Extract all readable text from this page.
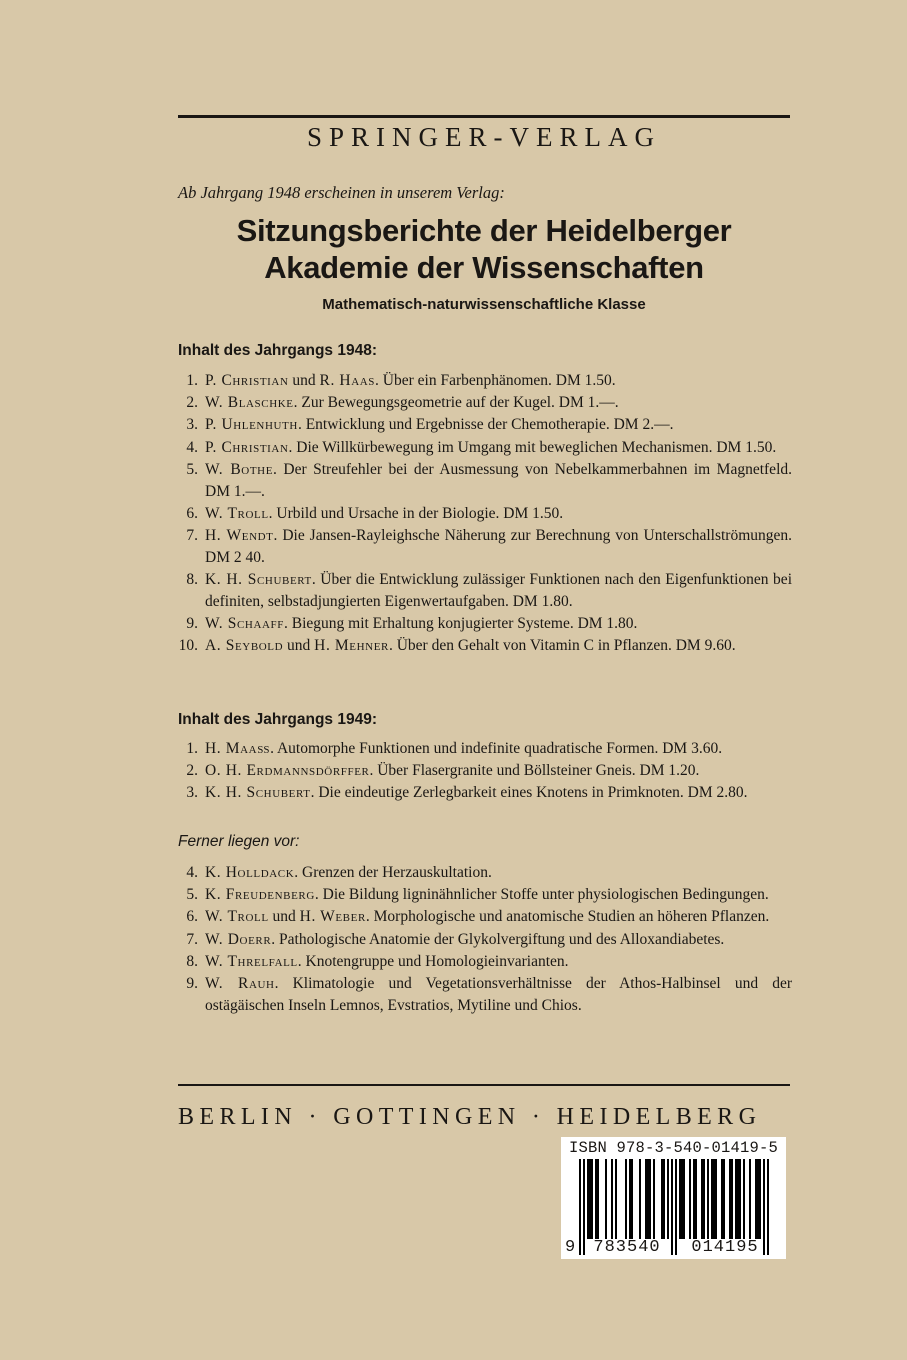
SPRINGER-VERLAG
Ab Jahrgang 1948 erscheinen in unserem Verlag:
Sitzungsberichte der Heidelberger
Akademie der Wissenschaften
Mathematisch-naturwissenschaftliche Klasse
Inhalt des Jahrgangs 1948:
1. P. Christian und R. Haas. Über ein Farbenphänomen. DM 1.50.
2. W. Blaschke. Zur Bewegungsgeometrie auf der Kugel. DM 1.—.
3. P. Uhlenhuth. Entwicklung und Ergebnisse der Chemotherapie. DM 2.—.
4. P. Christian. Die Willkürbewegung im Umgang mit beweglichen Mechanismen. DM 1.50.
5. W. Bothe. Der Streufehler bei der Ausmessung von Nebelkammerbahnen im Magnetfeld. DM 1.—.
6. W. Troll. Urbild und Ursache in der Biologie. DM 1.50.
7. H. Wendt. Die Jansen-Rayleighsche Näherung zur Berechnung von Unterschallströmungen. DM 2 40.
8. K. H. Schubert. Über die Entwicklung zulässiger Funktionen nach den Eigenfunktionen bei definiten, selbstadjungierten Eigenwertaufgaben. DM 1.80.
9. W. Schaaff. Biegung mit Erhaltung konjugierter Systeme. DM 1.80.
10. A. Seybold und H. Mehner. Über den Gehalt von Vitamin C in Pflanzen. DM 9.60.
Inhalt des Jahrgangs 1949:
1. H. Maaß. Automorphe Funktionen und indefinite quadratische Formen. DM 3.60.
2. O. H. Erdmannsdörffer. Über Flasergranite und Böllsteiner Gneis. DM 1.20.
3. K. H. Schubert. Die eindeutige Zerlegbarkeit eines Knotens in Primknoten. DM 2.80.
Ferner liegen vor:
4. K. Holldack. Grenzen der Herzauskultation.
5. K. Freudenberg. Die Bildung ligninähnlicher Stoffe unter physiologischen Bedingungen.
6. W. Troll und H. Weber. Morphologische und anatomische Studien an höheren Pflanzen.
7. W. Doerr. Pathologische Anatomie der Glykolvergiftung und des Alloxandiabetes.
8. W. Threlfall. Knotengruppe und Homologieinvarianten.
9. W. Rauh. Klimatologie und Vegetationsverhältnisse der Athos-Halbinsel und der ostägäischen Inseln Lemnos, Evstratios, Mytiline und Chios.
BERLIN · GOTTINGEN · HEIDELBERG
ISBN 978-3-540-01419-5
9	783540	014195
